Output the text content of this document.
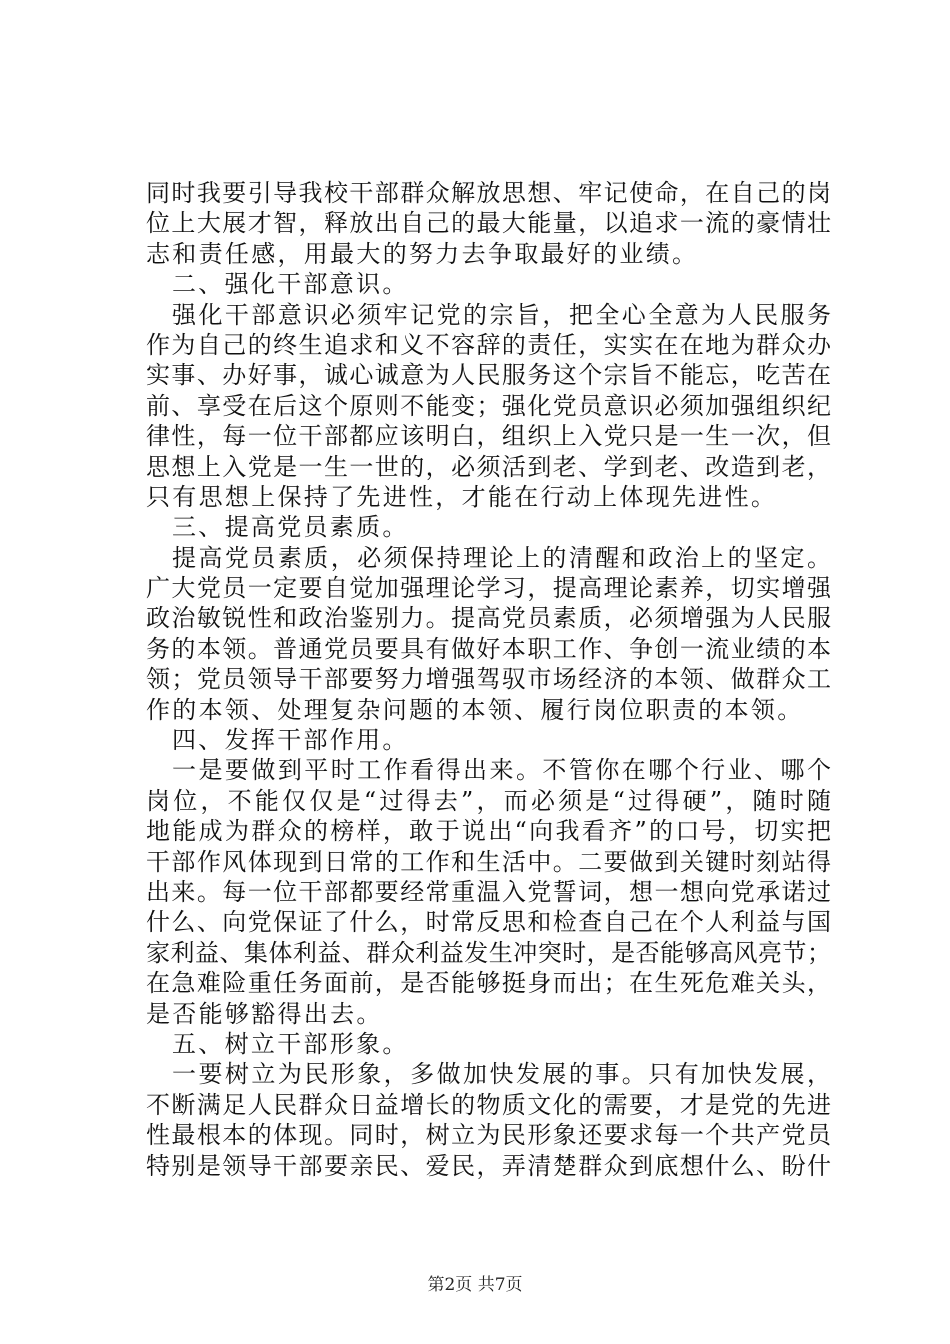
同时我要引导我校干部群众解放思想、牢记使命，在自己的岗
位上大展才智，释放出自己的最大能量，以追求一流的豪情壮
志和责任感，用最大的努力去争取最好的业绩。
二、强化干部意识。
强化干部意识必须牢记党的宗旨，把全心全意为人民服务
作为自己的终生追求和义不容辞的责任，实实在在地为群众办
实事、办好事，诚心诚意为人民服务这个宗旨不能忘，吃苦在
前、享受在后这个原则不能变；强化党员意识必须加强组织纪
律性，每一位干部都应该明白，组织上入党只是一生一次，但
思想上入党是一生一世的，必须活到老、学到老、改造到老，
只有思想上保持了先进性，才能在行动上体现先进性。
三、提高党员素质。
提高党员素质，必须保持理论上的清醒和政治上的坚定。
广大党员一定要自觉加强理论学习，提高理论素养，切实增强
政治敏锐性和政治鉴别力。提高党员素质，必须增强为人民服
务的本领。普通党员要具有做好本职工作、争创一流业绩的本
领；党员领导干部要努力增强驾驭市场经济的本领、做群众工
作的本领、处理复杂问题的本领、履行岗位职责的本领。
四、发挥干部作用。
一是要做到平时工作看得出来。不管你在哪个行业、哪个
岗位，不能仅仅是“过得去”，而必须是“过得硬”，随时随
地能成为群众的榜样，敢于说出“向我看齐”的口号，切实把
干部作风体现到日常的工作和生活中。二要做到关键时刻站得
出来。每一位干部都要经常重温入党誓词，想一想向党承诺过
什么、向党保证了什么，时常反思和检查自己在个人利益与国
家利益、集体利益、群众利益发生冲突时，是否能够高风亮节；
在急难险重任务面前，是否能够挺身而出；在生死危难关头，
是否能够豁得出去。
五、树立干部形象。
一要树立为民形象，多做加快发展的事。只有加快发展，
不断满足人民群众日益增长的物质文化的需要，才是党的先进
性最根本的体现。同时，树立为民形象还要求每一个共产党员
特别是领导干部要亲民、爱民，弄清楚群众到底想什么、盼什
第2页 共7页
